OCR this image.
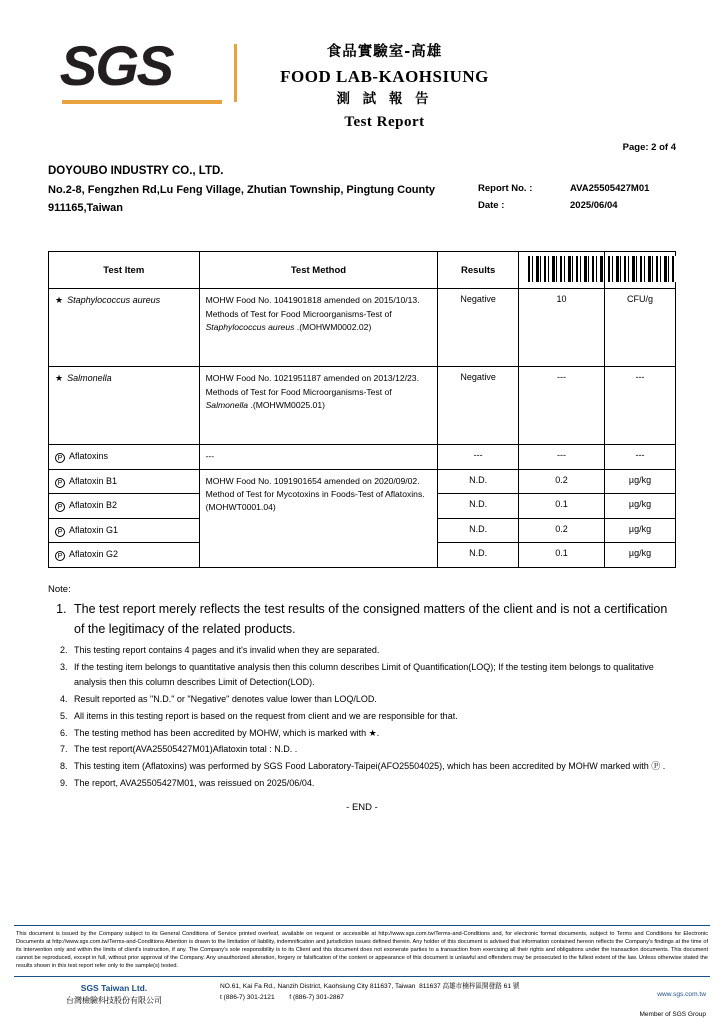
SGS	食品實驗室-高雄
FOOD LAB-KAOHSIUNG
測 試 報 告
Test Report
Page: 2 of 4
DOYOUBO INDUSTRY CO., LTD.
No.2-8, Fengzhen Rd,Lu Feng Village, Zhutian Township, Pingtung County
911165,Taiwan
Report No. :	AVA25505427M01
Date :	2025/06/04
Test Item	Test Method	Results	

★ Staphylococcus aureus	MOHW Food No. 1041901818 amended on 2015/10/13. Methods of Test for Food Microorganisms-Test of Staphylococcus aureus .(MOHWM0002.02)	Negative	10	CFU/g
★ Salmonella	MOHW Food No. 1021951187 amended on 2013/12/23. Methods of Test for Food Microorganisms-Test of Salmonella .(MOHWM0025.01)	Negative	---	---
P Aflatoxins	---	---	---	---
P Aflatoxin B1	MOHW Food No. 1091901654 amended on 2020/09/02. Method of Test for Mycotoxins in Foods-Test of Aflatoxins.(MOHWT0001.04)	N.D.	0.2	µg/kg
P Aflatoxin B2		N.D.	0.1	µg/kg
P Aflatoxin G1		N.D.	0.2	µg/kg
P Aflatoxin G2		N.D.	0.1	µg/kg
Note:
1. The test report merely reflects the test results of the consigned matters of the client and is not a certification of the legitimacy of the related products.
2. This testing report contains 4 pages and it's invalid when they are separated.
3. If the testing item belongs to quantitative analysis then this column describes Limit of Quantification(LOQ); If the testing item belongs to qualitative analysis then this column describes Limit of Detection(LOD).
4. Result reported as "N.D." or "Negative" denotes value lower than LOQ/LOD.
5. All items in this testing report is based on the request from client and we are responsible for that.
6. The testing method has been accredited by MOHW, which is marked with ★.
7. The test report(AVA25505427M01)Aflatoxin total : N.D. .
8. This testing item (Aflatoxins) was performed by SGS Food Laboratory-Taipei(AFO25504025), which has been accredited by MOHW marked with Ⓟ .
9. The report, AVA25505427M01, was reissued on 2025/06/04.
- END -
This document is issued by the Company subject to its General Conditions of Service printed overleaf, available on request or accessible at http://www.sgs.com.tw/Terms-and-Conditions and, for electronic format documents, subject to Terms and Conditions for Electronic Documents at http://www.sgs.com.tw/Terms-and-Conditions Attention is drawn to the limitation of liability, indemnification and jurisdiction issues defined therein. Any holder of this document is advised that information contained hereon reflects the Company's findings at the time of its intervention only and within the limits of client's instruction, if any. The Company's sole responsibility is to its Client and this document does not exonerate parties to a transaction from exercising all their rights and obligations under the transaction documents. This document cannot be reproduced, except in full, without prior approval of the Company. Any unauthorized alteration, forgery or falsification of the content or appearance of this document is unlawful and offenders may be prosecuted to the fullest extent of the law. Unless otherwise stated the results shown in this test report refer only to the sample(s) tested.
SGS Taiwan Ltd.
台灣檢驗科技股份有限公司
NO.61, Kai Fa Rd., Nanzih District, Kaohsiung City 811637, Taiwan 811637 高雄市楠梓區開發路 61 號
t (886-7) 301-2121 f (886-7) 301-2867	www.sgs.com.tw
Member of SGS Group
